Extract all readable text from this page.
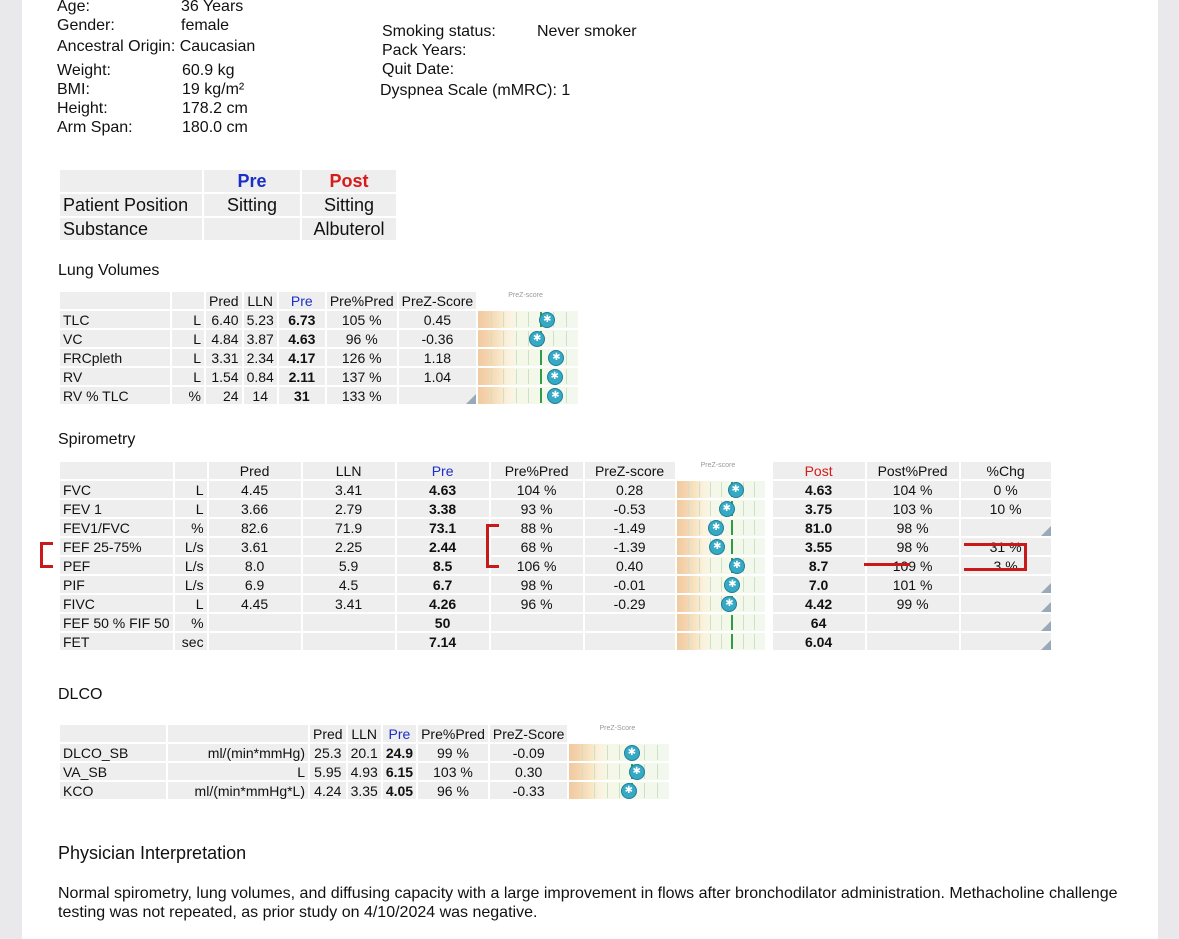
Age:	36 Years
Gender:	female
Ancestral Origin: Caucasian
Weight:	60.9 kg
BMI:	19 kg/m²
Height:	178.2 cm
Arm Span:	180.0 cm
Smoking status:	Never smoker
Pack Years:
Quit Date:
Dyspnea Scale (mMRC): 1
	Pre	Post
Patient Position	Sitting	Sitting
Substance		Albuterol
Lung Volumes
		Pred	LLN	Pre	Pre%Pred	PreZ-Score	PreZ-score

TLC	L	6.40	5.23	6.73	105 %	0.45	✱

VC	L	4.84	3.87	4.63	96 %	-0.36	✱

FRCpleth	L	3.31	2.34	4.17	126 %	1.18	✱

RV	L	1.54	0.84	2.11	137 %	1.04	✱

RV % TLC	%	24	14	31	133 %		✱
Spirometry
		Pred	LLN	Pre	Pre%Pred	PreZ-score	PreZ-score		Post	Post%Pred	%Chg
FVC	L	4.45	3.41	4.63	104 %	0.28	✱		4.63	104 %	0 %
FEV 1	L	3.66	2.79	3.38	93 %	-0.53	✱		3.75	103 %	10 %
FEV1/FVC	%	82.6	71.9	73.1	88 %	-1.49	✱		81.0	98 %	

FEF 25-75%	L/s	3.61	2.25	2.44	68 %	-1.39	✱		3.55	98 %	31 %
PEF	L/s	8.0	5.9	8.5	106 %	0.40	✱		8.7	109 %	3 %
PIF	L/s	6.9	4.5	6.7	98 %	-0.01	✱		7.0	101 %	

FIVC	L	4.45	3.41	4.26	96 %	-0.29	✱		4.42	99 %	

FEF 50 % FIF 50	%			50					64		

FET	sec			7.14					6.04		
DLCO
		Pred	LLN	Pre	Pre%Pred	PreZ-Score	PreZ-Score

DLCO_SB	ml/(min*mmHg)	25.3	20.1	24.9	99 %	-0.09	✱

VA_SB	L	5.95	4.93	6.15	103 %	0.30	✱

KCO	ml/(min*mmHg*L)	4.24	3.35	4.05	96 %	-0.33	✱
Physician Interpretation
Normal spirometry, lung volumes, and diffusing capacity with a large improvement in flows after bronchodilator administration. Methacholine challenge testing was not repeated, as prior study on 4/10/2024 was negative.
